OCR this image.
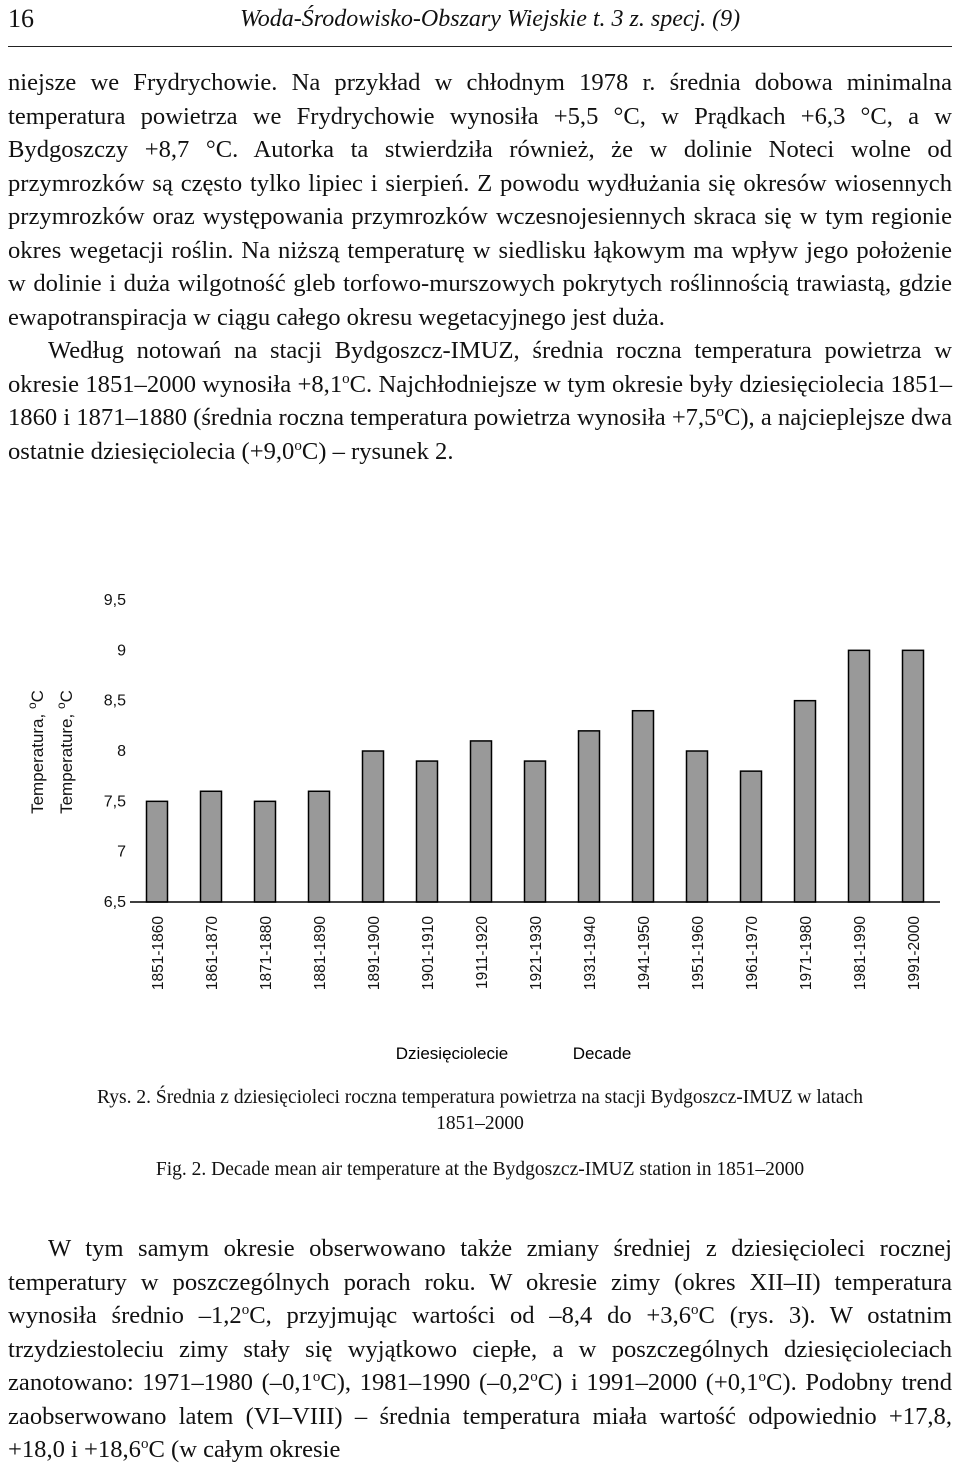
16	Woda-Środowisko-Obszary Wiejskie t. 3 z. specj. (9)

niejsze we Frydrychowie. Na przykład w chłodnym 1978 r. średnia dobowa minimalna temperatura powietrza we Frydrychowie wynosiła +5,5 °C, w Prądkach +6,3 °C, a w Bydgoszczy +8,7 °C. Autorka ta stwierdziła również, że w dolinie Noteci wolne od przymrozków są często tylko lipiec i sierpień. Z powodu wydłużania się okresów wiosennych przymrozków oraz występowania przymrozków wczesnojesiennych skraca się w tym regionie okres wegetacji roślin. Na niższą temperaturę w siedlisku łąkowym ma wpływ jego położenie w dolinie i duża wilgotność gleb torfowo-murszowych pokrytych roślinnością trawiastą, gdzie ewapotranspiracja w ciągu całego okresu wegetacyjnego jest duża.

Według notowań na stacji Bydgoszcz-IMUZ, średnia roczna temperatura powietrza w okresie 1851–2000 wynosiła $+8,1^oC$. Najchłodniejsze w tym okresie były dziesięciolecia 1851–1860 i 1871–1880 (średnia roczna temperatura powietrza wynosiła $+7,5^oC$), a najcieplejsze dwa ostatnie dziesięciolecia $(+9,0^oC)$ – rysunek 2.

Temperatura, $^o$C
Temperature, $^o$C
9,5
9
8,5
8
7,5
7
6,5
1851-1860 1861-1870 1871-1880 1881-1890 1891-1900 1901-1910 1911-1920 1921-1930 1931-1940 1941-1950 1951-1960 1961-1970 1971-1980 1981-1990 1991-2000
Dziesięciolecie	Decade
Rys. 2. Średnia z dziesięcioleci roczna temperatura powietrza na stacji Bydgoszcz-IMUZ w latach
1851–2000
Fig. 2. Decade mean air temperature at the Bydgoszcz-IMUZ station in 1851–2000

W tym samym okresie obserwowano także zmiany średniej z dziesięcioleci rocznej temperatury w poszczególnych porach roku. W okresie zimy (okres XII–II) temperatura wynosiła średnio –1,2$^o$C, przyjmując wartości od –8,4 do $+3,6^oC$ (rys. 3). W ostatnim trzydziestoleciu zimy stały się wyjątkowo ciepłe, a w poszczególnych dziesięcioleciach zanotowano: 1971–1980 (–0,1$^o$C), 1981–1990 (–0,2$^o$C) i 1991–2000 $(+0,1^oC)$. Podobny trend zaobserwowano latem (VI–VIII) – średnia temperatura miała wartość odpowiednio +17,8, +18,0 $i +18,6^oC$ (w całym okresie
